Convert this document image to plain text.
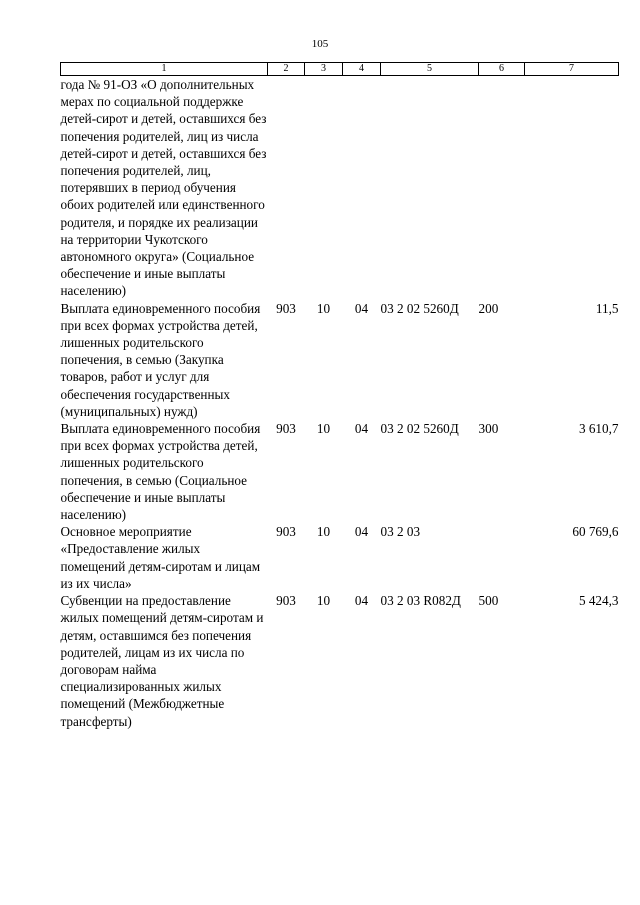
105
1	2	3	4	5	6	7
года № 91-ОЗ «О дополнительных мерах по социальной поддержке детей-сирот и детей, оставшихся без попечения родителей, лиц из числа детей-сирот и детей, оставшихся без попечения родителей, лиц, потерявших в период обучения обоих родителей или единственного родителя, и порядке их реализации на территории Чукотского автономного округа» (Социальное обеспечение и иные выплаты населению)						
Выплата единовременного пособия при всех формах устройства детей, лишенных родительского попечения, в семью (Закупка товаров, работ и услуг для обеспечения государственных (муниципальных) нужд)	903	10	04	03 2 02 5260Д	200	11,5
Выплата единовременного пособия при всех формах устройства детей, лишенных родительского попечения, в семью (Социальное обеспечение и иные выплаты населению)	903	10	04	03 2 02 5260Д	300	3 610,7
Основное мероприятие «Предоставление жилых помещений детям-сиротам и лицам из их числа»	903	10	04	03 2 03		60 769,6
Субвенции на предоставление жилых помещений детям-сиротам и детям, оставшимся без попечения родителей, лицам из их числа по договорам найма специализированных жилых помещений (Межбюджетные трансферты)	903	10	04	03 2 03 R082Д	500	5 424,3
